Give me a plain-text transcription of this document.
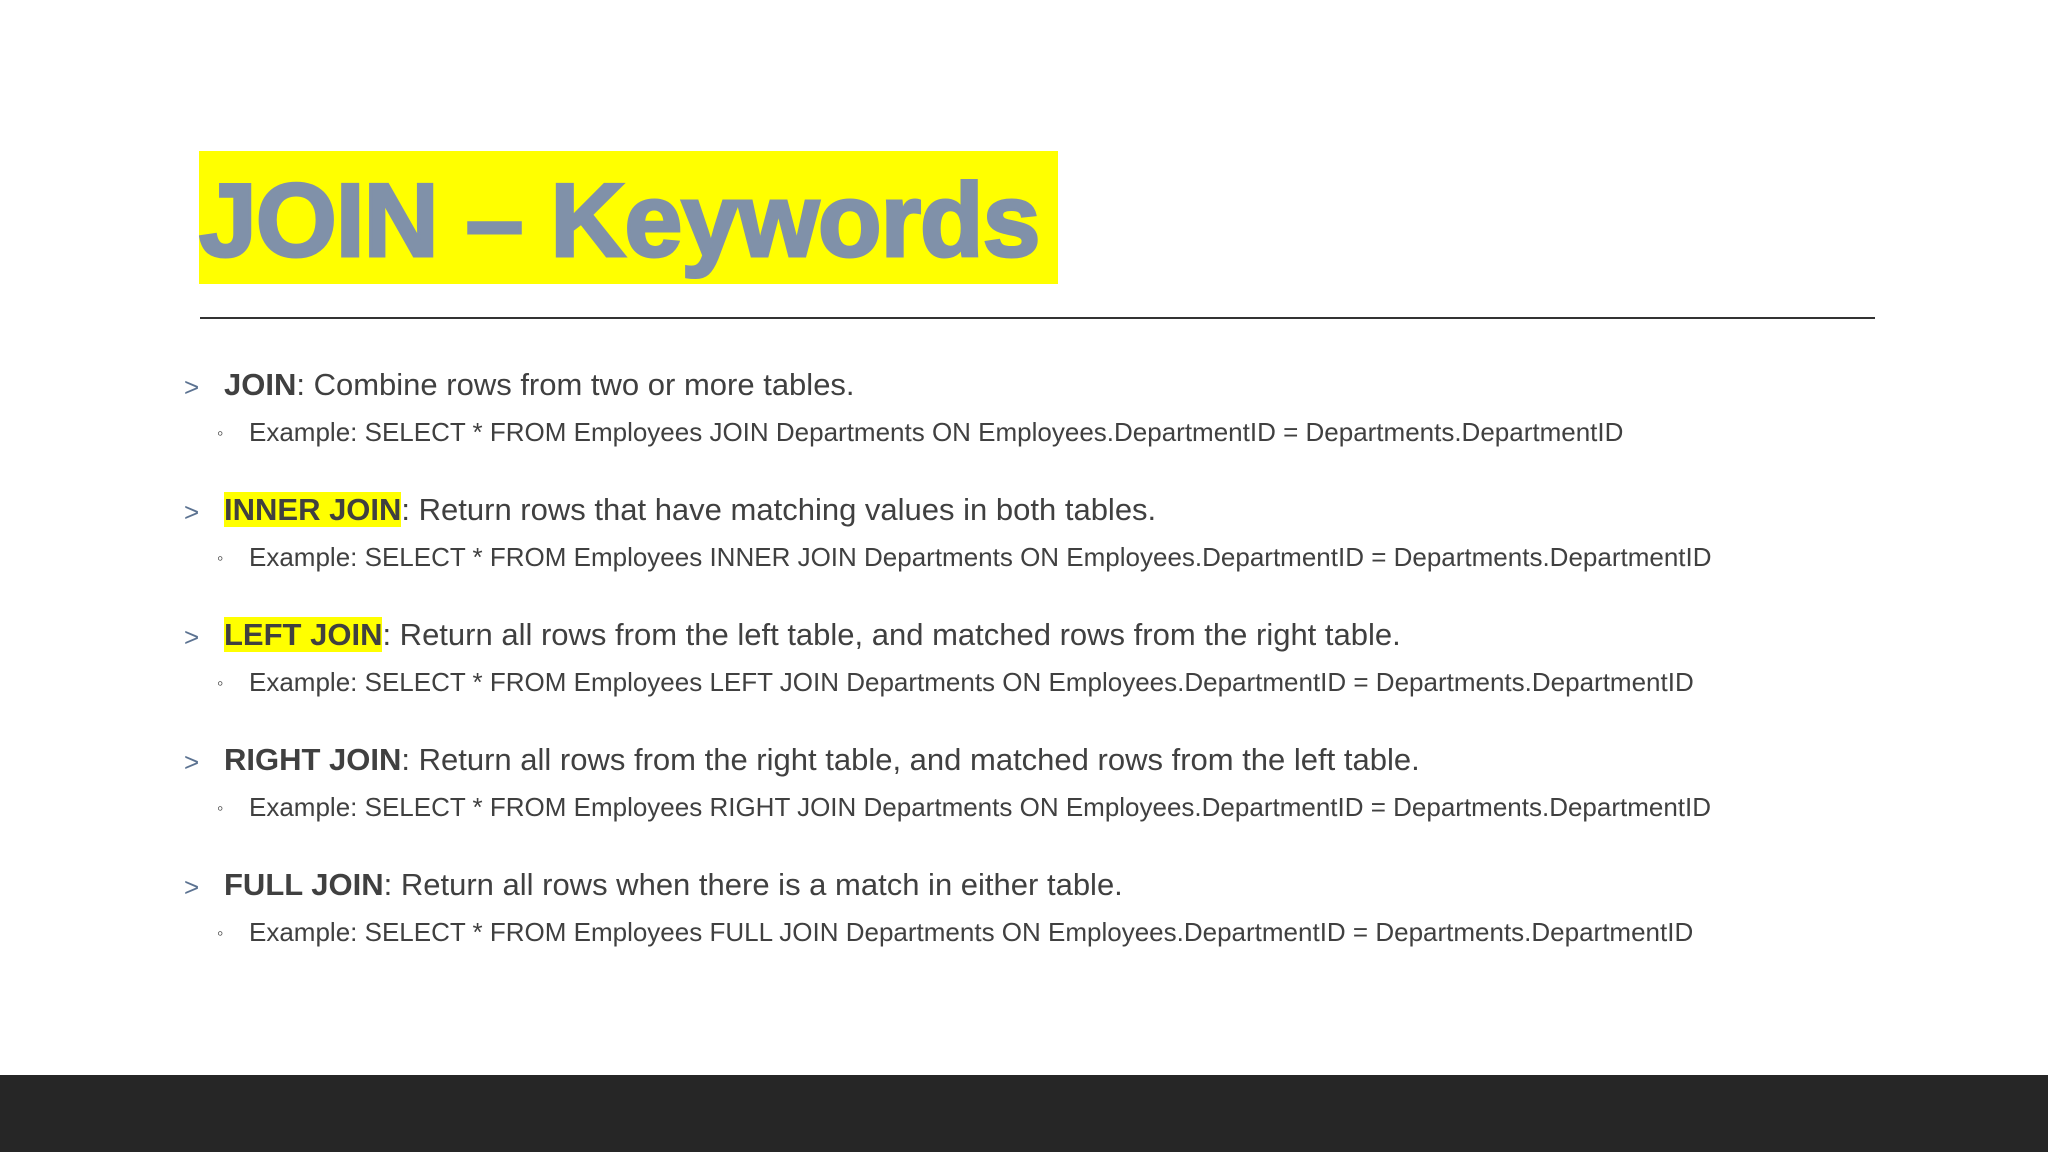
JOIN – Keywords
> JOIN: Combine rows from two or more tables.
◦ Example: SELECT * FROM Employees JOIN Departments ON Employees.DepartmentID = Departments.DepartmentID
> INNER JOIN: Return rows that have matching values in both tables.
◦ Example: SELECT * FROM Employees INNER JOIN Departments ON Employees.DepartmentID = Departments.DepartmentID
> LEFT JOIN: Return all rows from the left table, and matched rows from the right table.
◦ Example: SELECT * FROM Employees LEFT JOIN Departments ON Employees.DepartmentID = Departments.DepartmentID
> RIGHT JOIN: Return all rows from the right table, and matched rows from the left table.
◦ Example: SELECT * FROM Employees RIGHT JOIN Departments ON Employees.DepartmentID = Departments.DepartmentID
> FULL JOIN: Return all rows when there is a match in either table.
◦ Example: SELECT * FROM Employees FULL JOIN Departments ON Employees.DepartmentID = Departments.DepartmentID
